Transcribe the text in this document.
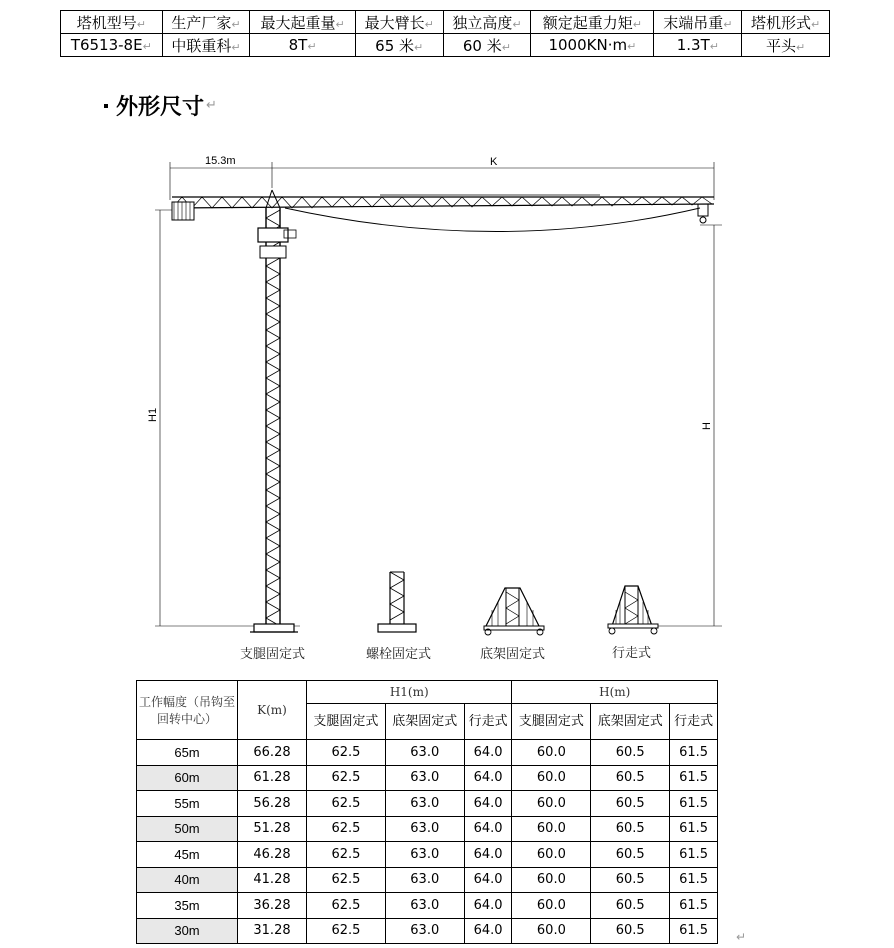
塔机型号↵	生产厂家↵	最大起重量↵	最大臂长↵	独立高度↵	额定起重力矩↵	末端吊重↵	塔机形式↵
T6513-8E↵	中联重科↵	8T↵	65 米↵	60 米↵	1000KN·m↵	1.3T↵	平头↵
外形尺寸 ↵
15.3m	K
H1
H
支腿固定式	螺栓固定式	底架固定式	行走式
工作幅度（吊钩至回转中心）	K(m)	H1(m)			H(m)		
		支腿固定式	底架固定式	行走式	支腿固定式	底架固定式	行走式
65m	66.28	62.5	63.0	64.0	60.0	60.5	61.5
60m	61.28	62.5	63.0	64.0	60.0	60.5	61.5
55m	56.28	62.5	63.0	64.0	60.0	60.5	61.5
50m	51.28	62.5	63.0	64.0	60.0	60.5	61.5
45m	46.28	62.5	63.0	64.0	60.0	60.5	61.5
40m	41.28	62.5	63.0	64.0	60.0	60.5	61.5
35m	36.28	62.5	63.0	64.0	60.0	60.5	61.5
30m	31.28	62.5	63.0	64.0	60.0	60.5	61.5 ↵
